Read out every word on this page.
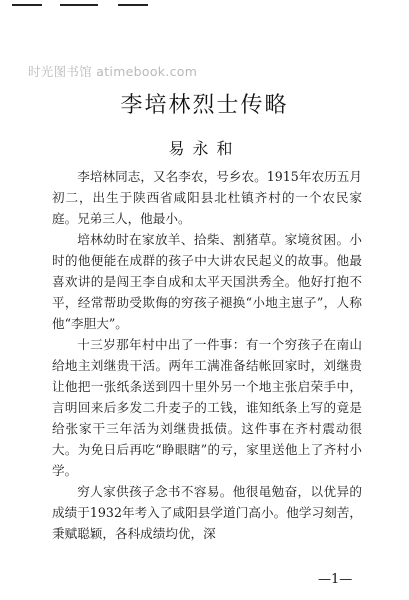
时光图书馆 atimebook.com
李培林烈士传略
易永和

李培林同志，又名李农，号乡农。1915年农历五月初二，出生于陕西省咸阳县北杜镇齐村的一个农民家庭。兄弟三人，他最小。

培林幼时在家放羊、拾柴、割猪草。家境贫困。小时的他便能在成群的孩子中大讲农民起义的故事。他最喜欢讲的是闯王李自成和太平天国洪秀全。他好打抱不平，经常帮助受欺侮的穷孩子褪换“小地主崽子”，人称他“李胆大”。

十三岁那年村中出了一件事：有一个穷孩子在南山给地主刘继贵干活。两年工满准备结帐回家时，刘继贵让他把一张纸条送到四十里外另一个地主张启荣手中，言明回来后多发二升麦子的工钱，谁知纸条上写的竟是给张家干三年活为刘继贵抵债。这件事在齐村震动很大。为免日后再吃“睁眼瞎”的亏，家里送他上了齐村小学。

穷人家供孩子念书不容易。他很黾勉奋，以优异的成绩于1932年考入了咸阳县学道门高小。他学习刻苦，秉赋聪颖，各科成绩均优，深

—1—
